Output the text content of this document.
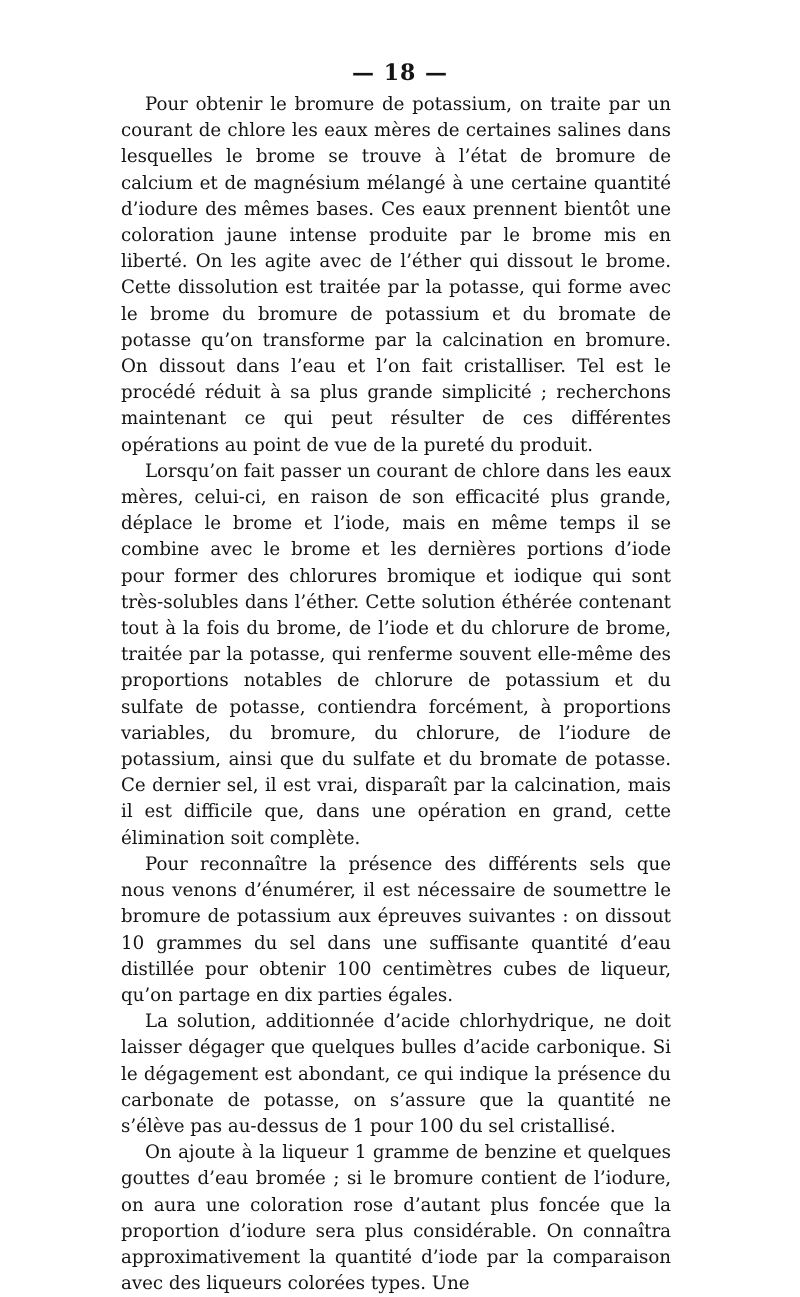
— 18 —

Pour obtenir le bromure de potassium, on traite par un courant de chlore les eaux mères de certaines salines dans lesquelles le brome se trouve à l’état de bromure de calcium et de magnésium mélangé à une certaine quantité d’iodure des mêmes bases. Ces eaux prennent bientôt une coloration jaune intense produite par le brome mis en liberté. On les agite avec de l’éther qui dissout le brome. Cette dissolution est traitée par la potasse, qui forme avec le brome du bromure de potassium et du bromate de potasse qu’on transforme par la calcination en bromure. On dissout dans l’eau et l’on fait cristalliser. Tel est le procédé réduit à sa plus grande simplicité ; recherchons maintenant ce qui peut résulter de ces différentes opérations au point de vue de la pureté du produit.

Lorsqu’on fait passer un courant de chlore dans les eaux mères, celui-ci, en raison de son efficacité plus grande, déplace le brome et l’iode, mais en même temps il se combine avec le brome et les dernières portions d’iode pour former des chlorures bromique et iodique qui sont très-solubles dans l’éther. Cette solution éthérée contenant tout à la fois du brome, de l’iode et du chlorure de brome, traitée par la potasse, qui renferme souvent elle-même des proportions notables de chlorure de potassium et du sulfate de potasse, contiendra forcément, à proportions variables, du bromure, du chlorure, de l’iodure de potassium, ainsi que du sulfate et du bromate de potasse. Ce dernier sel, il est vrai, disparaît par la calcination, mais il est difficile que, dans une opération en grand, cette élimination soit complète.

Pour reconnaître la présence des différents sels que nous venons d’énumérer, il est nécessaire de soumettre le bromure de potassium aux épreuves suivantes : on dissout 10 grammes du sel dans une suffisante quantité d’eau distillée pour obtenir 100 centimètres cubes de liqueur, qu’on partage en dix parties égales.

La solution, additionnée d’acide chlorhydrique, ne doit laisser dégager que quelques bulles d’acide carbonique. Si le dégagement est abondant, ce qui indique la présence du carbonate de potasse, on s’assure que la quantité ne s’élève pas au-dessus de 1 pour 100 du sel cristallisé.

On ajoute à la liqueur 1 gramme de benzine et quelques gouttes d’eau bromée ; si le bromure contient de l’iodure, on aura une coloration rose d’autant plus foncée que la proportion d’iodure sera plus considérable. On connaîtra approximativement la quantité d’iode par la comparaison avec des liqueurs colorées types. Une
